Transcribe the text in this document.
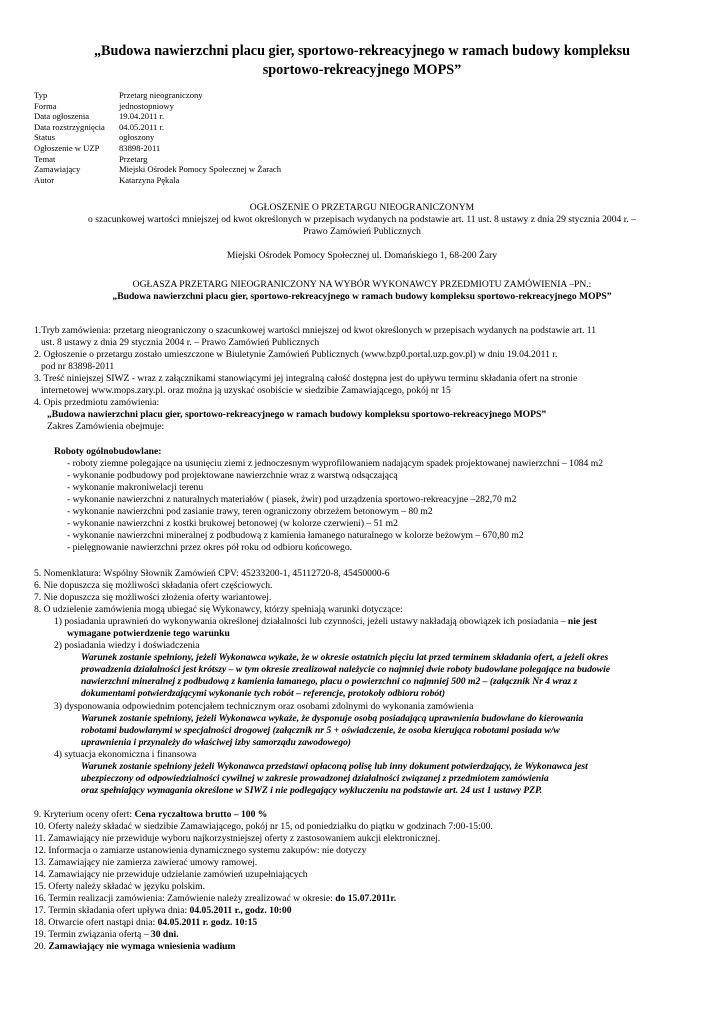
„Budowa nawierzchni placu gier, sportowo-rekreacyjnego w ramach budowy kompleksu
sportowo-rekreacyjnego MOPS”
Typ	Przetarg nieograniczony
Forma	jednostopniowy
Data ogłoszenia	19.04.2011 r.
Data rozstrzygnięcia 04.05.2011 r.
Status	ogłoszony
Ogłoszenie w UZP 83898-2011
Temat	Przetarg
Zamawiający	Miejski Ośrodek Pomocy Społecznej w Żarach
Autor	Katarzyna Pękala
OGŁOSZENIE O PRZETARGU NIEOGRANICZONYM
o szacunkowej wartości mniejszej od kwot określonych w przepisach wydanych na podstawie art. 11 ust. 8 ustawy z dnia 29 stycznia 2004 r. –
Prawo Zamówień Publicznych
Miejski Ośrodek Pomocy Społecznej ul. Domańskiego 1, 68-200 Żary
OGŁASZA PRZETARG NIEOGRANICZONY NA WYBÓR WYKONAWCY PRZEDMIOTU ZAMÓWIENIA –PN.:
„Budowa nawierzchni placu gier, sportowo-rekreacyjnego w ramach budowy kompleksu sportowo-rekreacyjnego MOPS”
1.Tryb zamówienia: przetarg nieograniczony o szacunkowej wartości mniejszej od kwot określonych w przepisach wydanych na podstawie art. 11
ust. 8 ustawy z dnia 29 stycznia 2004 r. – Prawo Zamówień Publicznych
2. Ogłoszenie o przetargu zostało umieszczone w Biuletynie Zamówień Publicznych (www.bzp0.portal.uzp.gov.pl) w dniu 19.04.2011 r.
pod nr 83898-2011
3. Treść niniejszej SIWZ - wraz z załącznikami stanowiącymi jej integralną całość dostępna jest do upływu terminu składania ofert na stronie
internetowej www.mops.zary.pl. oraz można ją uzyskać osobiście w siedzibie Zamawiającego, pokój nr 15
4. Opis przedmiotu zamówienia:
„Budowa nawierzchni placu gier, sportowo-rekreacyjnego w ramach budowy kompleksu sportowo-rekreacyjnego MOPS”
Zakres Zamówienia obejmuje:
Roboty ogólnobudowlane:
- roboty ziemne polegające na usunięciu ziemi z jednoczesnym wyprofilowaniem nadającym spadek projektowanej nawierzchni – 1084 m2
- wykonanie podbudowy pod projektowane nawierzchnie wraz z warstwą odsączającą
- wykonanie makroniwelacji terenu
- wykonanie nawierzchni z naturalnych materiałów ( piasek, żwir) pod urządzenia sportowo-rekreacyjne –282,70 m2
- wykonanie nawierzchni pod zasianie trawy, teren ograniczony obrzeżem betonowym – 80 m2
- wykonanie nawierzchni z kostki brukowej betonowej (w kolorze czerwieni) – 51 m2
- wykonanie nawierzchni mineralnej z podbudową z kamienia łamanego naturalnego w kolorze beżowym – 670,80 m2
- pielęgnowanie nawierzchni przez okres pół roku od odbioru końcowego.
5. Nomenklatura: Wspólny Słownik Zamówień CPV: 45233200-1, 45112720-8, 45450000-6
6. Nie dopuszcza się możliwości składania ofert częściowych.
7. Nie dopuszcza się możliwości złożenia oferty wariantowej.
8. O udzielenie zamówienia mogą ubiegać się Wykonawcy, którzy spełniają warunki dotyczące:
1) posiadania uprawnień do wykonywania określonej działalności lub czynności, jeżeli ustawy nakładają obowiązek ich posiadania – nie jest
wymagane potwierdzenie tego warunku
2) posiadania wiedzy i doświadczenia
Warunek zostanie spełniony, jeżeli Wykonawca wykaże, że w okresie ostatnich pięciu lat przed terminem składania ofert, a jeżeli okres
prowadzenia działalności jest krótszy – w tym okresie zrealizował należycie co najmniej dwie roboty budowlane polegające na budowie
nawierzchni mineralnej z podbudową z kamienia łamanego, placu o powierzchni co najmniej 500 m2 – (załącznik Nr 4 wraz z
dokumentami potwierdzającymi wykonanie tych robót – referencje, protokoły odbioru robót)
3) dysponowania odpowiednim potencjałem technicznym oraz osobami zdolnymi do wykonania zamówienia
Warunek zostanie spełniony, jeżeli Wykonawca wykaże, że dysponuje osobą posiadającą uprawnienia budowlane do kierowania
robotami budowlanymi w specjalności drogowej (załącznik nr 5 + oświadczenie, że osoba kierująca robotami posiada w/w
uprawnienia i przynależy do właściwej izby samorządu zawodowego)
4) sytuacja ekonomiczna i finansowa
Warunek zostanie spełniony jeżeli Wykonawca przedstawi opłaconą polisę lub inny dokument potwierdzający, że Wykonawca jest
ubezpieczony od odpowiedzialności cywilnej w zakresie prowadzonej działalności związanej z przedmiotem zamówienia
oraz spełniający wymagania określone w SIWZ i nie podlegający wykluczeniu na podstawie art. 24 ust 1 ustawy PZP.
9. Kryterium oceny ofert: Cena ryczałtowa brutto – 100 %
10. Oferty należy składać w siedzibie Zamawiającego, pokój nr 15, od poniedziałku do piątku w godzinach 7:00-15:00.
11. Zamawiający nie przewiduje wyboru najkorzystniejszej oferty z zastosowaniem aukcji elektronicznej.
12. Informacja o zamiarze ustanowienia dynamicznego systemu zakupów: nie dotyczy
13. Zamawiający nie zamierza zawierać umowy ramowej.
14. Zamawiający nie przewiduje udzielanie zamówień uzupełniających
15. Oferty należy składać w języku polskim.
16. Termin realizacji zamówienia: Zamówienie należy zrealizować w okresie: do 15.07.2011r.
17. Termin składania ofert upływa dnia: 04.05.2011 r., godz. 10:00
18. Otwarcie ofert nastąpi dnia: 04.05.2011 r. godz. 10:15
19. Termin związania ofertą – 30 dni.
20. Zamawiający nie wymaga wniesienia wadium
